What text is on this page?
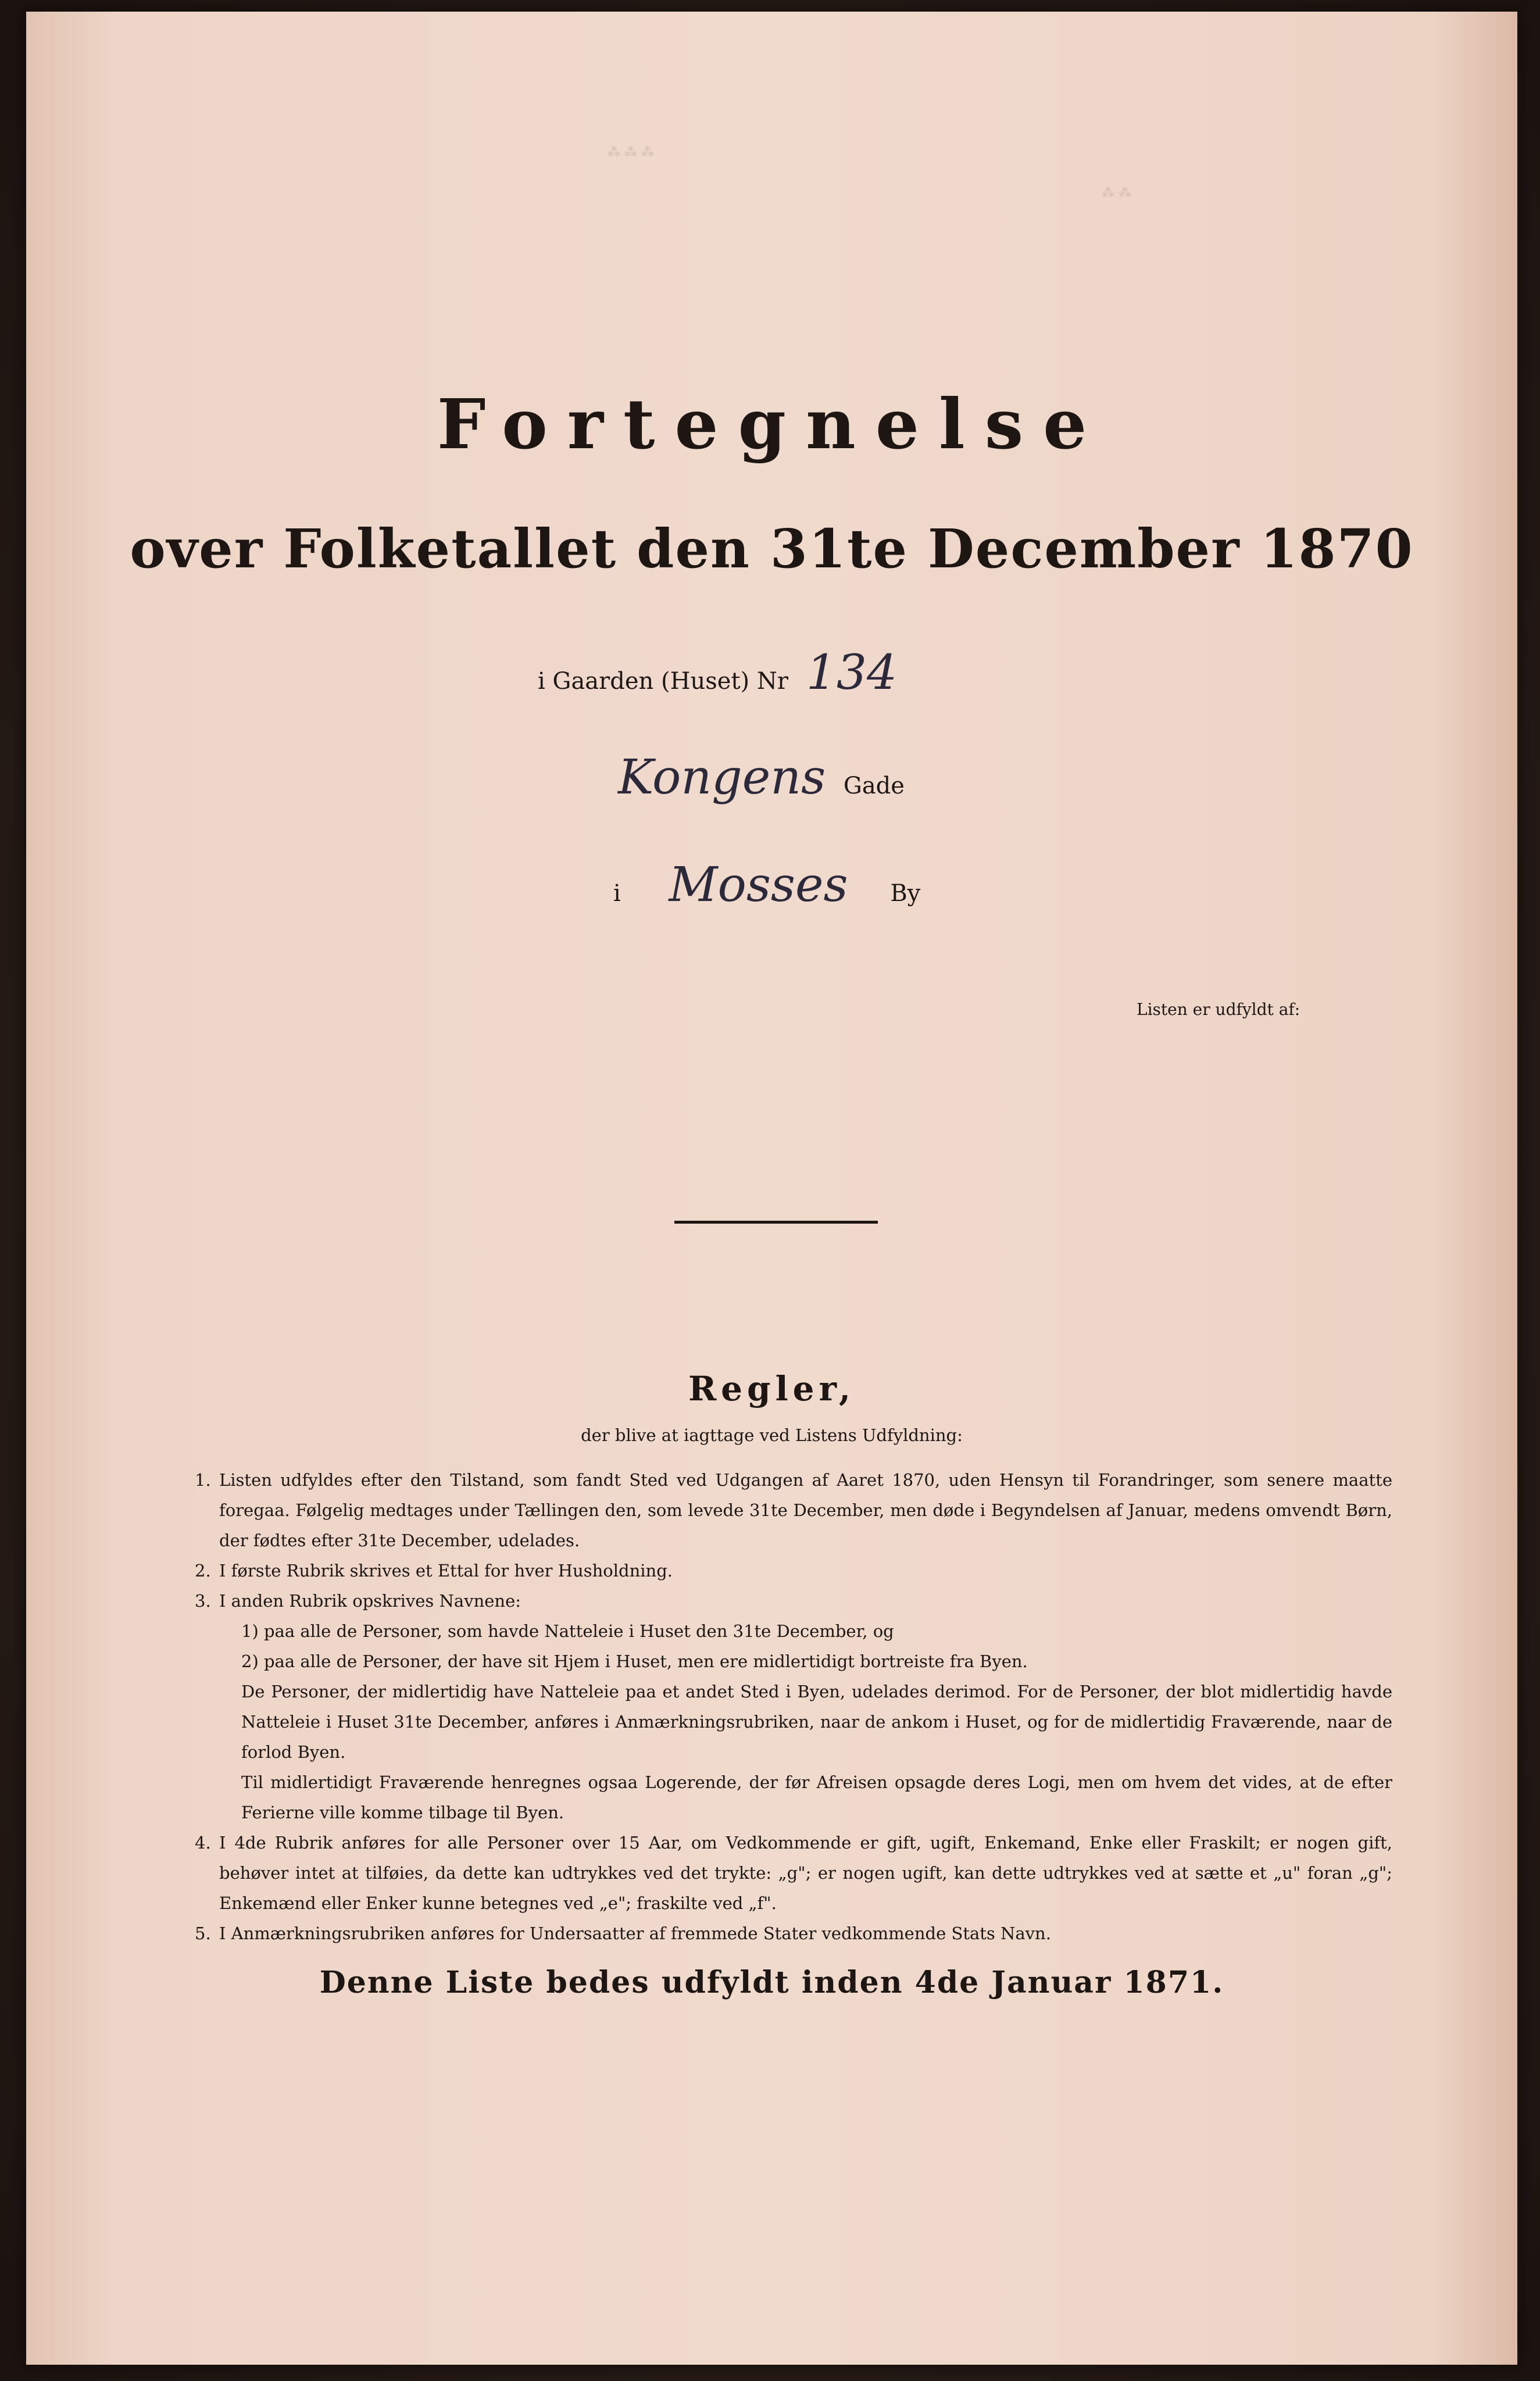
⁂ ⁂ ⁂
⁂ ⁂
Fortegnelse
over Folketallet den 31te December 1870
i Gaarden (Huset) Nr 134
Kongens Gade
i Mosses By
Listen er udfyldt af:
Regler,
der blive at iagttage ved Listens Udfyldning:
1. Listen udfyldes efter den Tilstand, som fandt Sted ved Udgangen af Aaret 1870, uden Hensyn til Forandringer, som senere maatte foregaa. Følgelig medtages under Tællingen den, som levede 31te December, men døde i Begyndelsen af Januar, medens omvendt Børn, der fødtes efter 31te December, udelades.
2. I første Rubrik skrives et Ettal for hver Husholdning.
3. I anden Rubrik opskrives Navnene:
1) paa alle de Personer, som havde Natteleie i Huset den 31te December, og
2) paa alle de Personer, der have sit Hjem i Huset, men ere midlertidigt bortreiste fra Byen.
De Personer, der midlertidig have Natteleie paa et andet Sted i Byen, udelades derimod. For de Personer, der blot midlertidig havde Natteleie i Huset 31te December, anføres i Anmærkningsrubriken, naar de ankom i Huset, og for de midlertidig Fraværende, naar de forlod Byen.
Til midlertidigt Fraværende henregnes ogsaa Logerende, der før Afreisen opsagde deres Logi, men om hvem det vides, at de efter Ferierne ville komme tilbage til Byen.
4. I 4de Rubrik anføres for alle Personer over 15 Aar, om Vedkommende er gift, ugift, Enkemand, Enke eller Fraskilt; er nogen gift, behøver intet at tilføies, da dette kan udtrykkes ved det trykte: „g"; er nogen ugift, kan dette udtrykkes ved at sætte et „u" foran „g"; Enkemænd eller Enker kunne betegnes ved „e"; fraskilte ved „f".
5. I Anmærkningsrubriken anføres for Undersaatter af fremmede Stater vedkommende Stats Navn.
Denne Liste bedes udfyldt inden 4de Januar 1871.
